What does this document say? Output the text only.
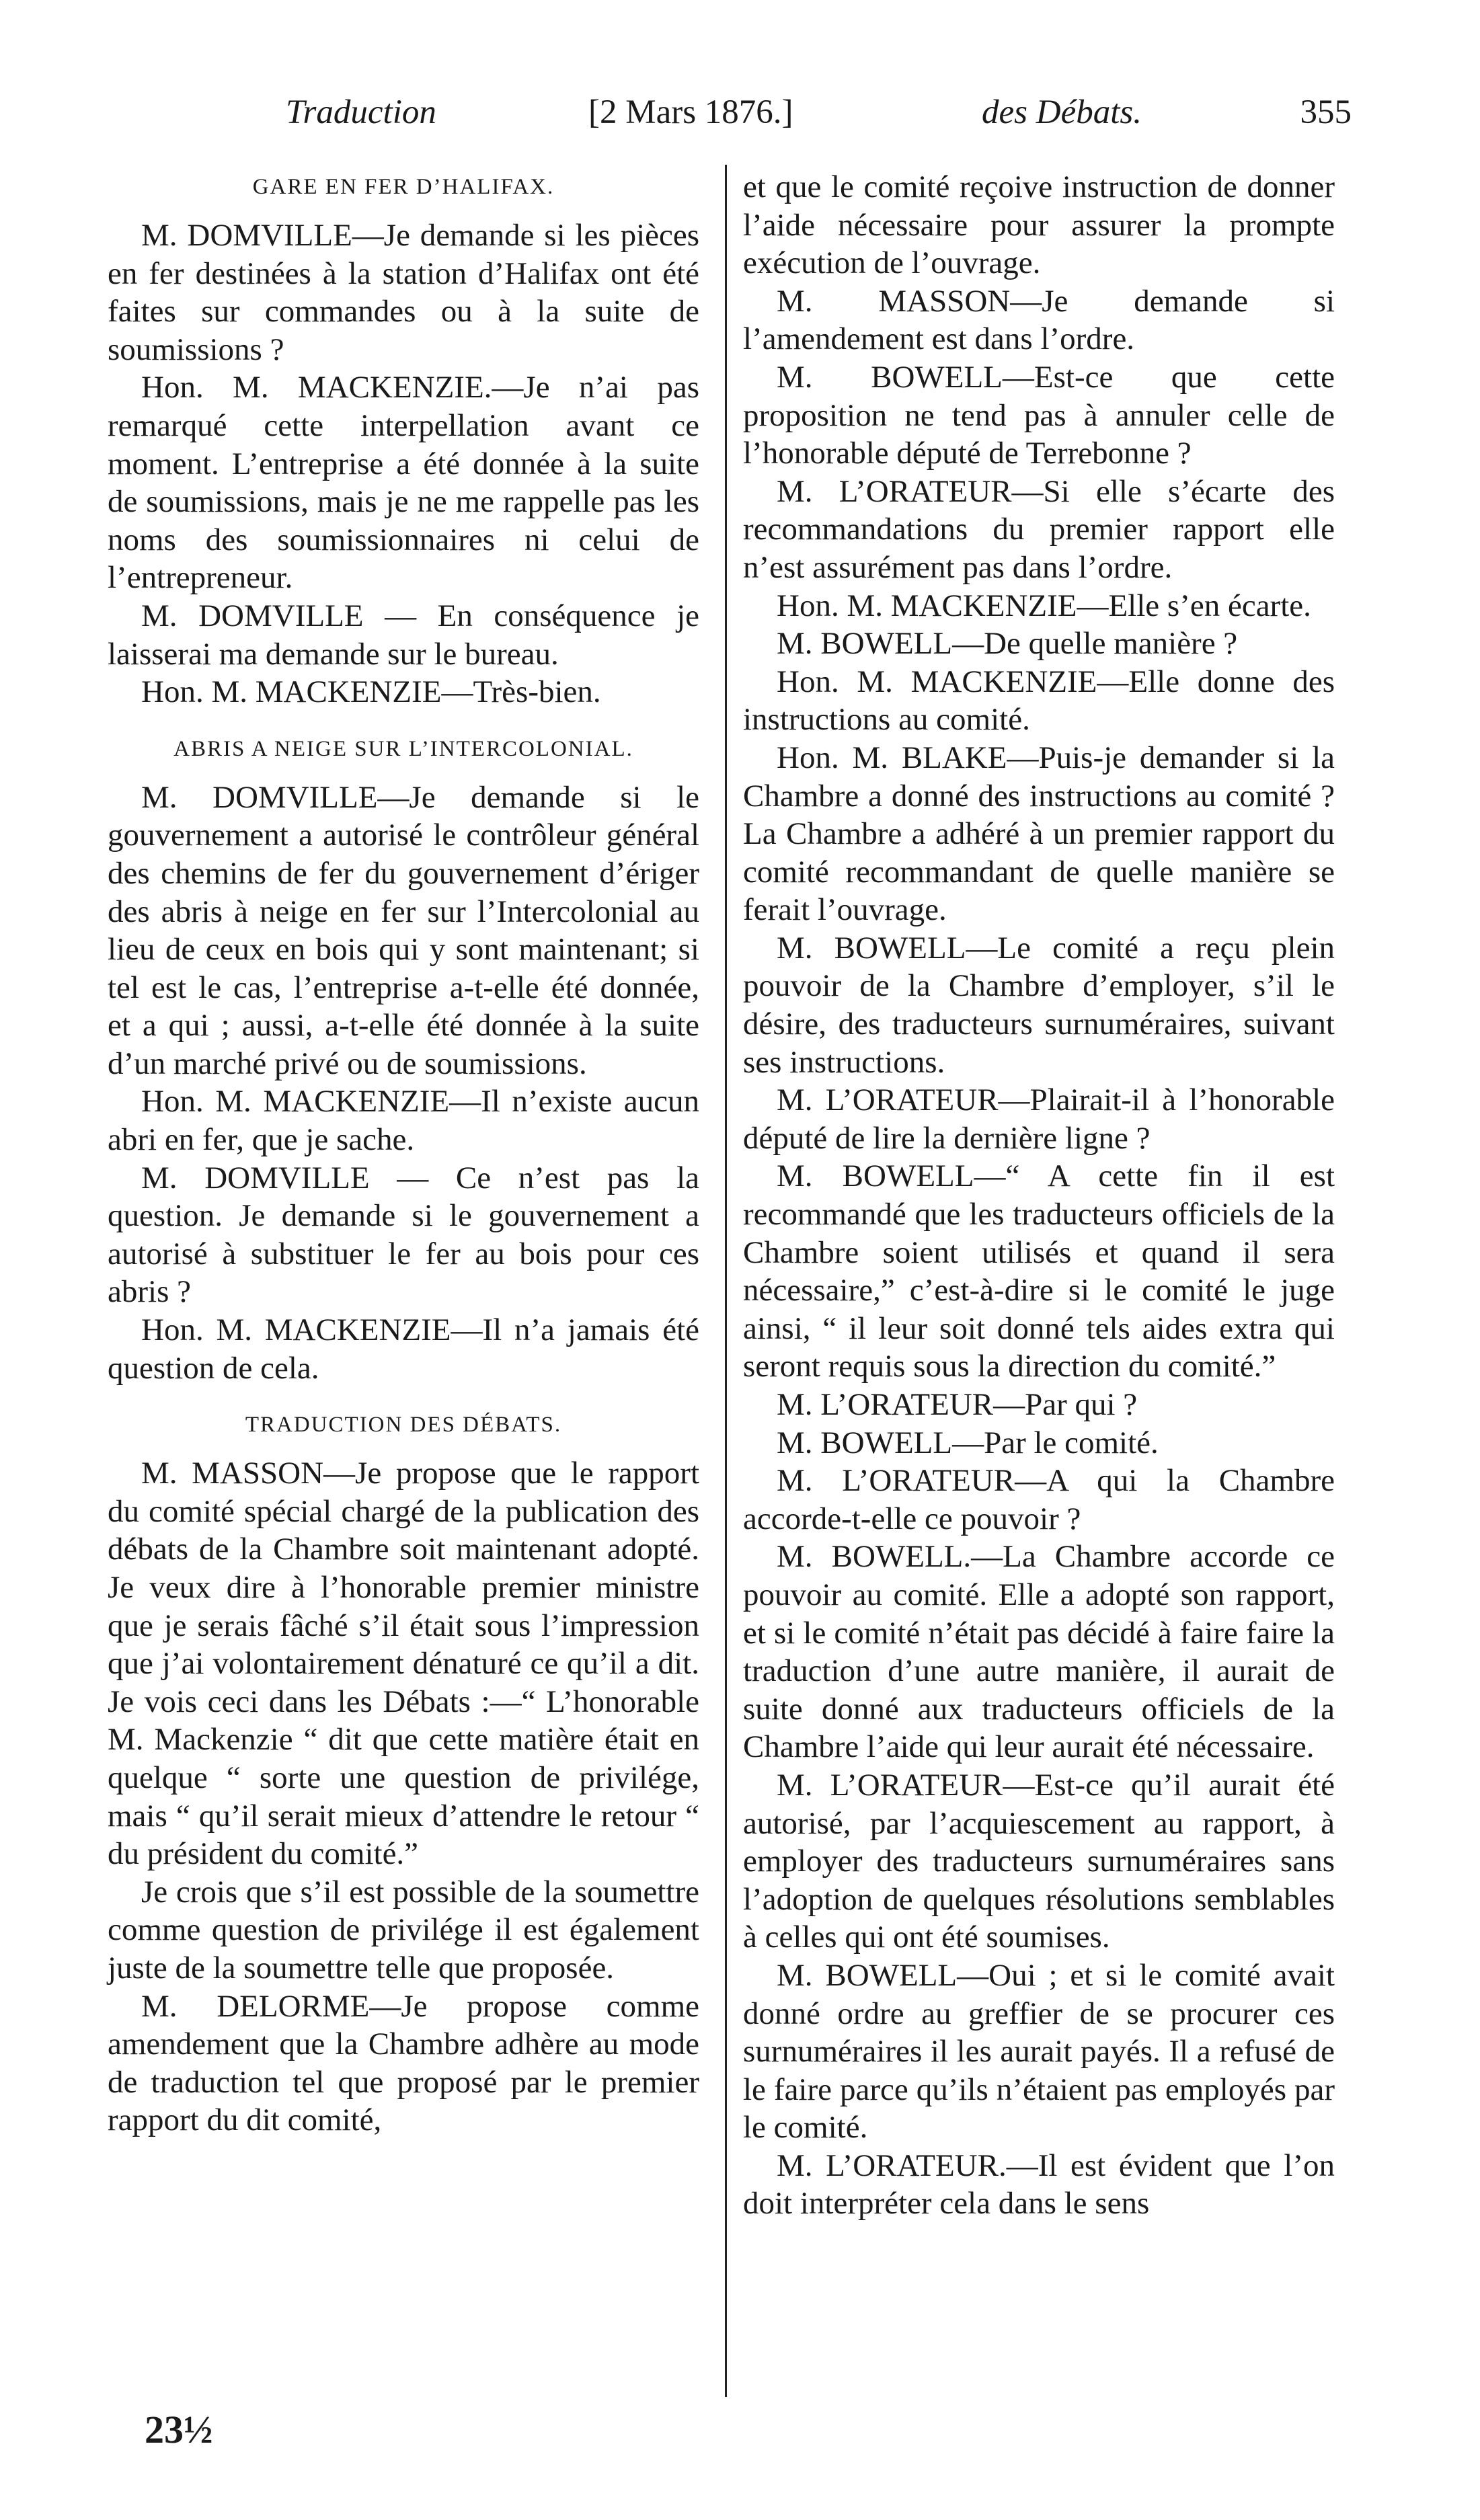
Traduction	[2 Mars 1876.]	des Débats.	355
GARE EN FER D’HALIFAX.

M. DOMVILLE—Je demande si les pièces en fer destinées à la station d’Halifax ont été faites sur commandes ou à la suite de soumissions ?

Hon. M. MACKENZIE.—Je n’ai pas remarqué cette interpellation avant ce moment. L’entreprise a été donnée à la suite de soumissions, mais je ne me rappelle pas les noms des soumissionnaires ni celui de l’entrepreneur.

M. DOMVILLE — En conséquence je laisserai ma demande sur le bureau.

Hon. M. MACKENZIE—Très-bien.

ABRIS A NEIGE SUR L’INTERCOLONIAL.

M. DOMVILLE—Je demande si le gouvernement a autorisé le contrôleur général des chemins de fer du gouvernement d’ériger des abris à neige en fer sur l’Intercolonial au lieu de ceux en bois qui y sont maintenant; si tel est le cas, l’entreprise a-t-elle été donnée, et a qui ; aussi, a-t-elle été donnée à la suite d’un marché privé ou de soumissions.

Hon. M. MACKENZIE—Il n’existe aucun abri en fer, que je sache.

M. DOMVILLE — Ce n’est pas la question. Je demande si le gouvernement a autorisé à substituer le fer au bois pour ces abris ?

Hon. M. MACKENZIE—Il n’a jamais été question de cela.

TRADUCTION DES DÉBATS.

M. MASSON—Je propose que le rapport du comité spécial chargé de la publication des débats de la Chambre soit maintenant adopté. Je veux dire à l’honorable premier ministre que je serais fâché s’il était sous l’impression que j’ai volontairement dénaturé ce qu’il a dit. Je vois ceci dans les Débats :—“ L’honorable M. Mackenzie “ dit que cette matière était en quelque “ sorte une question de privilége, mais “ qu’il serait mieux d’attendre le retour “ du président du comité.”

Je crois que s’il est possible de la soumettre comme question de privilége il est également juste de la soumettre telle que proposée.

M. DELORME—Je propose comme amendement que la Chambre adhère au mode de traduction tel que proposé par le premier rapport du dit comité,

et que le comité reçoive instruction de donner l’aide nécessaire pour assurer la prompte exécution de l’ouvrage.

M. MASSON—Je demande si l’amendement est dans l’ordre.

M. BOWELL—Est-ce que cette proposition ne tend pas à annuler celle de l’honorable député de Terrebonne ?

M. L’ORATEUR—Si elle s’écarte des recommandations du premier rapport elle n’est assurément pas dans l’ordre.

Hon. M. MACKENZIE—Elle s’en écarte.

M. BOWELL—De quelle manière ?

Hon. M. MACKENZIE—Elle donne des instructions au comité.

Hon. M. BLAKE—Puis-je demander si la Chambre a donné des instructions au comité ? La Chambre a adhéré à un premier rapport du comité recommandant de quelle manière se ferait l’ouvrage.

M. BOWELL—Le comité a reçu plein pouvoir de la Chambre d’employer, s’il le désire, des traducteurs surnuméraires, suivant ses instructions.

M. L’ORATEUR—Plairait-il à l’honorable député de lire la dernière ligne ?

M. BOWELL—“ A cette fin il est recommandé que les traducteurs officiels de la Chambre soient utilisés et quand il sera nécessaire,” c’est-à-dire si le comité le juge ainsi, “ il leur soit donné tels aides extra qui seront requis sous la direction du comité.”

M. L’ORATEUR—Par qui ?

M. BOWELL—Par le comité.

M. L’ORATEUR—A qui la Chambre accorde-t-elle ce pouvoir ?

M. BOWELL.—La Chambre accorde ce pouvoir au comité. Elle a adopté son rapport, et si le comité n’était pas décidé à faire faire la traduction d’une autre manière, il aurait de suite donné aux traducteurs officiels de la Chambre l’aide qui leur aurait été nécessaire.

M. L’ORATEUR—Est-ce qu’il aurait été autorisé, par l’acquiescement au rapport, à employer des traducteurs surnuméraires sans l’adoption de quelques résolutions semblables à celles qui ont été soumises.

M. BOWELL—Oui ; et si le comité avait donné ordre au greffier de se procurer ces surnuméraires il les aurait payés. Il a refusé de le faire parce qu’ils n’étaient pas employés par le comité.

M. L’ORATEUR.—Il est évident que l’on doit interpréter cela dans le sens

23½
